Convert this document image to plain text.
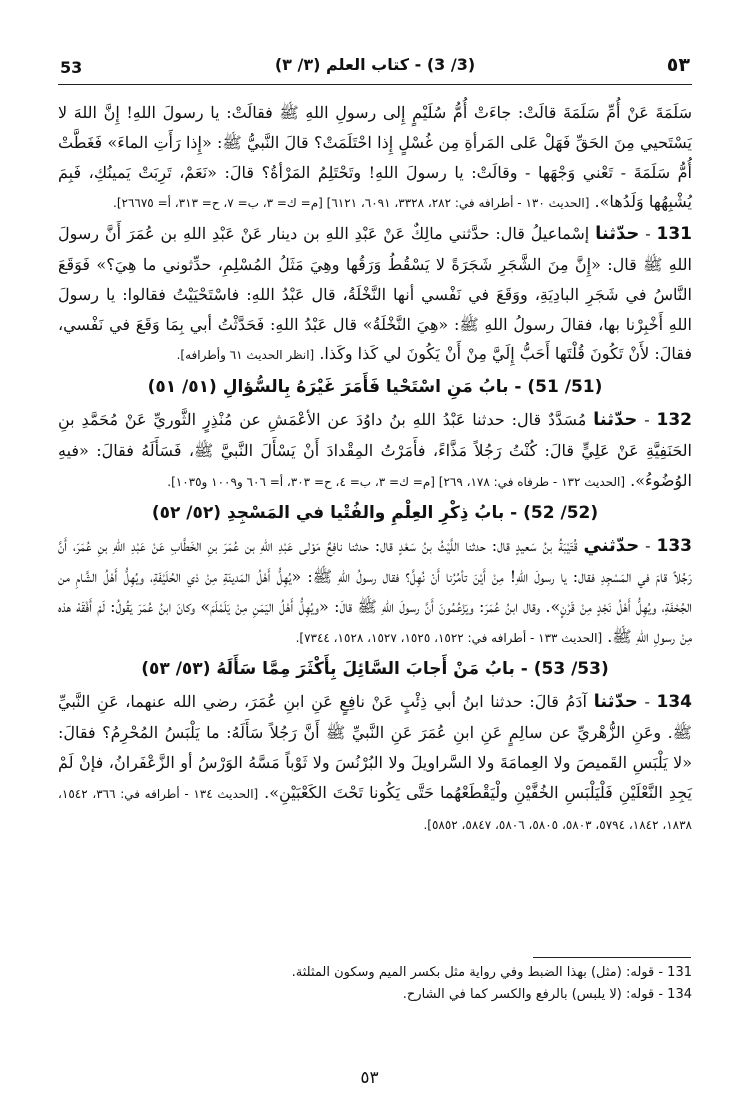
53	(3/ 3) - كتاب العلم (٣/ ٣)	٥٣

سَلَمَةَ عَنْ أُمِّ سَلَمَةَ قالَتْ: جاءَتْ أُمُّ سُلَيْمٍ إِلى رسولِ اللهِ ﷺ فقالَتْ: يا رسولَ اللهِ! إِنَّ اللهَ لا يَسْتَحيي مِنَ الحَقِّ فَهَلْ عَلى المَرأةِ مِن غُسْلٍ إِذا احْتَلَمَتْ؟ قالَ النَّبيُّ ﷺ: «إِذا رَأَتِ الماءَ» فَغَطَّتْ أُمُّ سَلَمَةَ - تَعْني وَجْهَها - وقالَتْ: يا رسولَ اللهِ! وتَحْتَلِمُ المَرْأةُ؟ قالَ: «نَعَمْ، تَرِبَتْ يَمينُكِ، فَبِمَ يُشْبِهُها وَلَدُها». [الحديث ١٣٠ - أطرافه في: ٢٨٢، ٣٣٢٨، ٦٠٩١، ٦١٢١] [م= ك= ٣، ب= ٧، ح= ٣١٣، أ= ٢٦٦٧٥].

131 - حدّثنا إسْماعيلُ قال: حدَّثني مالِكٌ عَنْ عَبْدِ اللهِ بن دينار عَنْ عَبْدِ اللهِ بن عُمَرَ أَنَّ رسولَ اللهِ ﷺ قال: «إِنَّ مِنَ الشَّجَرِ شَجَرَةً لا يَسْقُطُ وَرَقُها وهِيَ مَثَلُ المُسْلِمِ، حدِّثوني ما هِيَ؟» فَوَقَعَ النَّاسُ في شَجَرِ البادِيَةِ، ووَقَعَ في نَفْسي أنها النَّخْلَةُ، قال عَبْدُ اللهِ: فاسْتَحْيَيْتُ فقالوا: يا رسولَ اللهِ أَخْبِرْنا بها، فقالَ رسولُ اللهِ ﷺ: «هِيَ النَّخْلَةُ» قال عَبْدُ اللهِ: فَحَدَّثْتُ أبي بِمَا وَقَعَ في نَفْسي، فقالَ: لأَنْ تَكُونَ قُلْتَها أَحَبُّ إِلَيَّ مِنْ أَنْ يَكُونَ لي كَذا وكَذا. [انظر الحديث ٦١ وأطرافه].

(51/ 51) - بابُ مَنِ اسْتَحْيا فَأَمَرَ غَيْرَهُ بِالسُّؤالِ (٥١/ ٥١)

132 - حدّثنا مُسَدَّدٌ قال: حدثنا عَبْدُ اللهِ بنُ داوُدَ عن الأعْمَشِ عن مُنْذِرٍ الثَّوريِّ عَنْ مُحَمَّدِ بنِ الحَنَفِيَّةِ عَنْ عَلِيٍّ قالَ: كُنْتُ رَجُلاً مَذَّاءً، فأَمَرْتُ المِقْدادَ أَنْ يَسْأَلَ النَّبيَّ ﷺ، فَسَأَلَهُ فقالَ: «فيهِ الوُضُوءُ». [الحديث ١٣٢ - طرفاه في: ١٧٨، ٢٦٩] [م= ك= ٣، ب= ٤، ح= ٣٠٣، أ= ٦٠٦ و١٠٠٩ و١٠٣٥].

(52/ 52) - بابُ ذِكْرِ العِلْمِ والفُتْيا في المَسْجِدِ (٥٢/ ٥٢)

133 - حدّثني قُتَيْبَةُ بنُ سَعيدٍ قال: حدثنا اللَّيْثُ بنُ سَعْدٍ قال: حدثنا نافِعٌ مَوْلى عَبْدِ اللهِ بن عُمَرَ بنِ الخَطَّابِ عَنْ عَبْدِ اللهِ بنِ عُمَرَ، أَنَّ رَجُلاً قامَ في المَسْجِدِ فقال: يا رسولَ اللهِ! مِنْ أَيْنَ تأمُرُنا أَنْ نُهِلَّ؟ فقال رسولُ اللهِ ﷺ: «يُهِلُّ أَهْلُ المَدينَةِ مِنْ ذي الحُلَيْفَةِ، ويُهِلُّ أَهْلُ الشَّامِ من الجُحْفَةِ، ويُهِلُّ أَهْلُ نَجْدٍ مِنْ قَرْنٍ». وقال ابنُ عُمَرَ: ويَزْعُمُونَ أَنَّ رسولَ اللهِ ﷺ قالَ: «ويُهِلُّ أَهْلُ اليَمَنِ مِنْ يَلَمْلَمَ» وكانَ ابنُ عُمَرَ يَقُولُ: لَمْ أَفْقَهْ هذه مِنْ رسولِ اللهِ ﷺ. [الحديث ١٣٣ - أطرافه في: ١٥٢٢، ١٥٢٥، ١٥٢٧، ١٥٢٨، ٧٣٤٤].

(53/ 53) - بابُ مَنْ أَجابَ السَّائِلَ بِأَكْثَرَ مِمَّا سَأَلَهُ (٥٣/ ٥٣)

134 - حدّثنا آدَمُ قالَ: حدثنا ابنُ أبي ذِئْبٍ عَنْ نافِعٍ عَنِ ابنِ عُمَرَ، رضي الله عنهما، عَنِ النَّبيِّ ﷺ. وعَنِ الزُّهْريِّ عن سالِمٍ عَنِ ابنِ عُمَرَ عَنِ النَّبيِّ ﷺ أَنَّ رَجُلاً سَأَلَهُ: ما يَلْبَسُ المُحْرِمُ؟ فقالَ: «لا يَلْبَسِ القَميصَ ولا العِمامَةَ ولا السَّراويلَ ولا البُرْنُسَ ولا ثَوْباً مَسَّهُ الوَرْسُ أو الزَّعْفَرانُ، فإنْ لَمْ يَجِدِ النَّعْلَيْنِ فَلْيَلْبَسِ الخُفَّيْنِ ولْيَقْطَعْهُما حَتَّى يَكُونا تَحْتَ الكَعْبَيْنِ». [الحديث ١٣٤ - أطرافه في: ٣٦٦، ١٥٤٢، ١٨٣٨، ١٨٤٢، ٥٧٩٤، ٥٨٠٣، ٥٨٠٥، ٥٨٠٦، ٥٨٤٧، ٥٨٥٢].

131 - قوله: (مثل) بهذا الضبط وفي رواية مثل بكسر الميم وسكون المثلثة.
134 - قوله: (لا يلبس) بالرفع والكسر كما في الشارح.
٥٣
